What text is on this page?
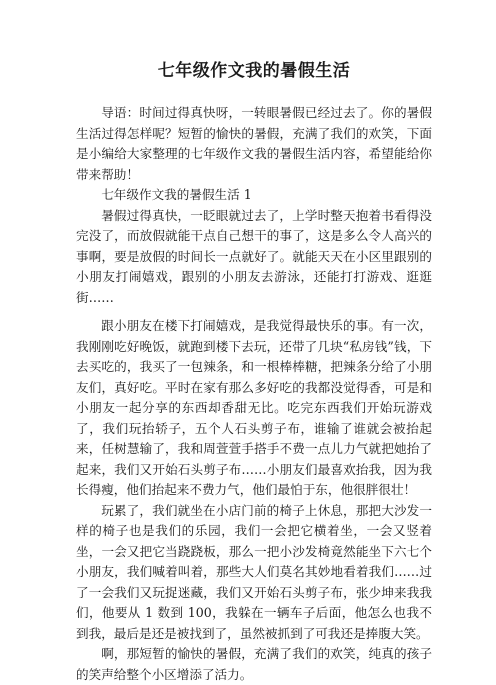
七年级作文我的暑假生活

导语：时间过得真快呀，一转眼暑假已经过去了。你的暑假生活过得怎样呢？短暂的愉快的暑假，充满了我们的欢笑，下面是小编给大家整理的七年级作文我的暑假生活内容，希望能给你带来帮助！

七年级作文我的暑假生活 1

暑假过得真快，一眨眼就过去了，上学时整天抱着书看得没完没了，而放假就能干点自己想干的事了，这是多么令人高兴的事啊，要是放假的时间长一点就好了。就能天天在小区里跟别的小朋友打闹嬉戏，跟别的小朋友去游泳，还能打打游戏、逛逛街……

跟小朋友在楼下打闹嬉戏，是我觉得最快乐的事。有一次，我刚刚吃好晚饭，就跑到楼下去玩，还带了几块“私房钱”钱，下去买吃的，我买了一包辣条，和一根棒棒糖，把辣条分给了小朋友们，真好吃。平时在家有那么多好吃的我都没觉得香，可是和小朋友一起分享的东西却香甜无比。吃完东西我们开始玩游戏了，我们玩抬轿子，五个人石头剪子布，谁输了谁就会被抬起来，任树慧输了，我和周萱萱手搭手不费一点儿力气就把她抬了起来，我们又开始石头剪子布……小朋友们最喜欢抬我，因为我长得瘦，他们抬起来不费力气，他们最怕于东，他很胖很壮！

玩累了，我们就坐在小店门前的椅子上休息，那把大沙发一样的椅子也是我们的乐园，我们一会把它横着坐，一会又竖着坐，一会又把它当跷跷板，那么一把小沙发椅竟然能坐下六七个小朋友，我们喊着叫着，那些大人们莫名其妙地看着我们……过了一会我们又玩捉迷藏，我们又开始石头剪子布，张少坤来我我们，他要从 1 数到 100，我躲在一辆车子后面，他怎么也我不到我，最后是还是被找到了，虽然被抓到了可我还是捧腹大笑。

啊，那短暂的愉快的暑假，充满了我们的欢笑，纯真的孩子的笑声给整个小区增添了活力。
